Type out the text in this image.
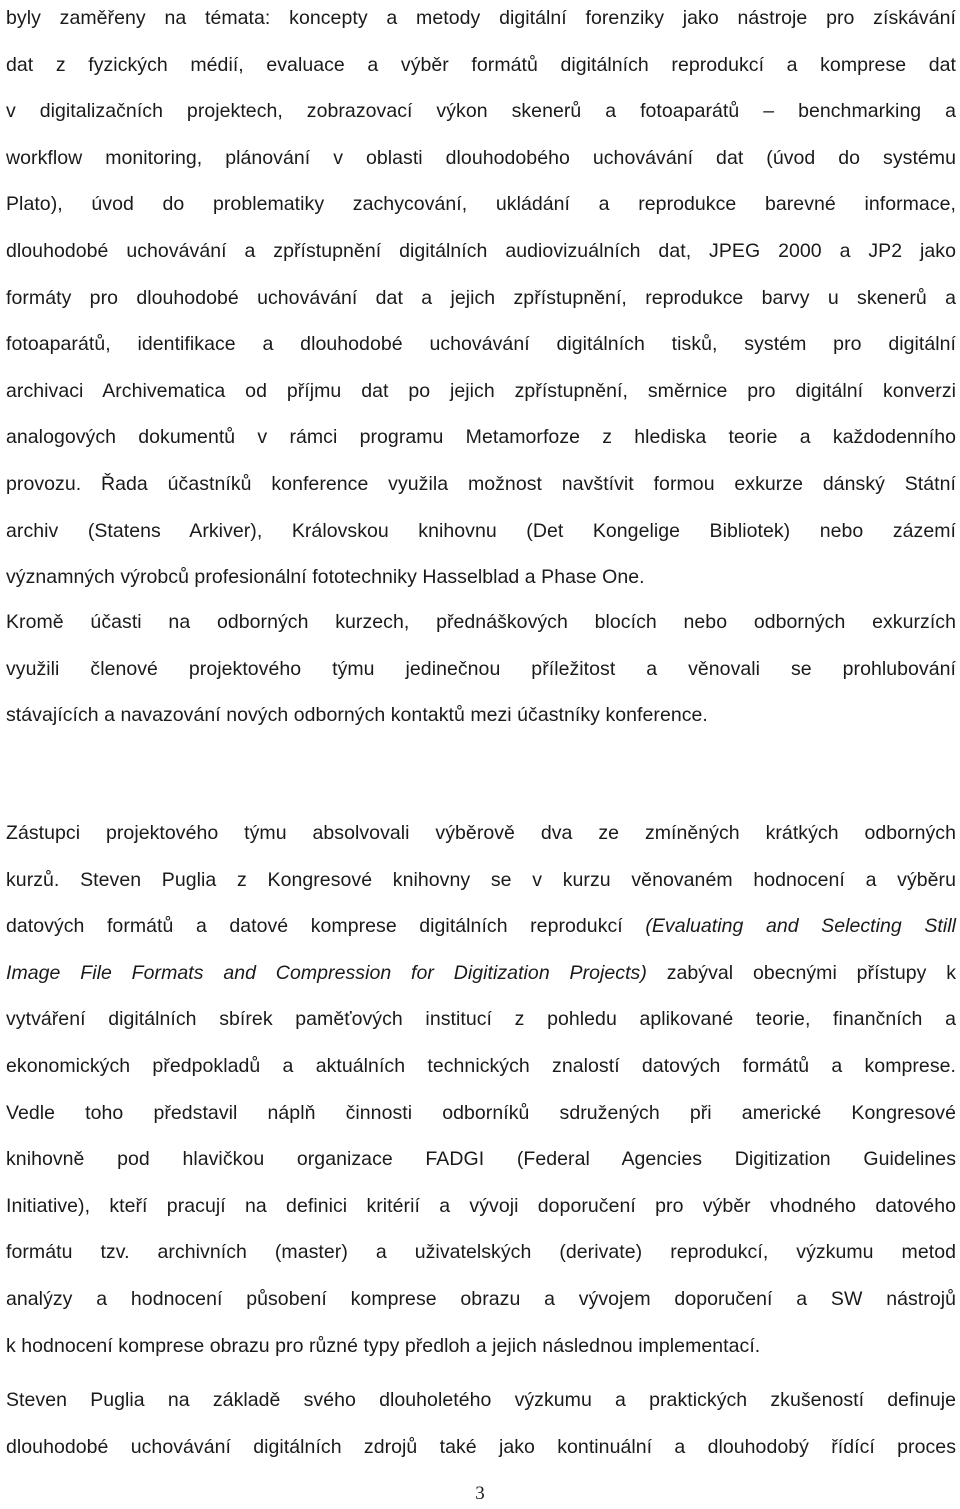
byly zaměřeny na témata: koncepty a metody digitální forenziky jako nástroje pro získávání
dat z fyzických médií, evaluace a výběr formátů digitálních reprodukcí a komprese dat
v digitalizačních projektech, zobrazovací výkon skenerů a fotoaparátů – benchmarking a
workflow monitoring, plánování v oblasti dlouhodobého uchovávání dat (úvod do systému
Plato), úvod do problematiky zachycování, ukládání a reprodukce barevné informace,
dlouhodobé uchovávání a zpřístupnění digitálních audiovizuálních dat, JPEG 2000 a JP2 jako
formáty pro dlouhodobé uchovávání dat a jejich zpřístupnění, reprodukce barvy u skenerů a
fotoaparátů, identifikace a dlouhodobé uchovávání digitálních tisků, systém pro digitální
archivaci Archivematica od příjmu dat po jejich zpřístupnění, směrnice pro digitální konverzi
analogových dokumentů v rámci programu Metamorfoze z hlediska teorie a každodenního
provozu. Řada účastníků konference využila možnost navštívit formou exkurze dánský Státní
archiv (Statens Arkiver), Královskou knihovnu (Det Kongelige Bibliotek) nebo zázemí
významných výrobců profesionální fototechniky Hasselblad a Phase One.
Kromě účasti na odborných kurzech, přednáškových blocích nebo odborných exkurzích
využili členové projektového týmu jedinečnou příležitost a věnovali se prohlubování
stávajících a navazování nových odborných kontaktů mezi účastníky konference.
Zástupci projektového týmu absolvovali výběrově dva ze zmíněných krátkých odborných
kurzů. Steven Puglia z Kongresové knihovny se v kurzu věnovaném hodnocení a výběru
datových formátů a datové komprese digitálních reprodukcí (Evaluating and Selecting Still
Image File Formats and Compression for Digitization Projects) zabýval obecnými přístupy k
vytváření digitálních sbírek paměťových institucí z pohledu aplikované teorie, finančních a
ekonomických předpokladů a aktuálních technických znalostí datových formátů a komprese.
Vedle toho představil náplň činnosti odborníků sdružených při americké Kongresové
knihovně pod hlavičkou organizace FADGI (Federal Agencies Digitization Guidelines
Initiative), kteří pracují na definici kritérií a vývoji doporučení pro výběr vhodného datového
formátu tzv. archivních (master) a uživatelských (derivate) reprodukcí, výzkumu metod
analýzy a hodnocení působení komprese obrazu a vývojem doporučení a SW nástrojů
k hodnocení komprese obrazu pro různé typy předloh a jejich následnou implementací.
Steven Puglia na základě svého dlouholetého výzkumu a praktických zkušeností definuje
dlouhodobé uchovávání digitálních zdrojů také jako kontinuální a dlouhodobý řídící proces
3
